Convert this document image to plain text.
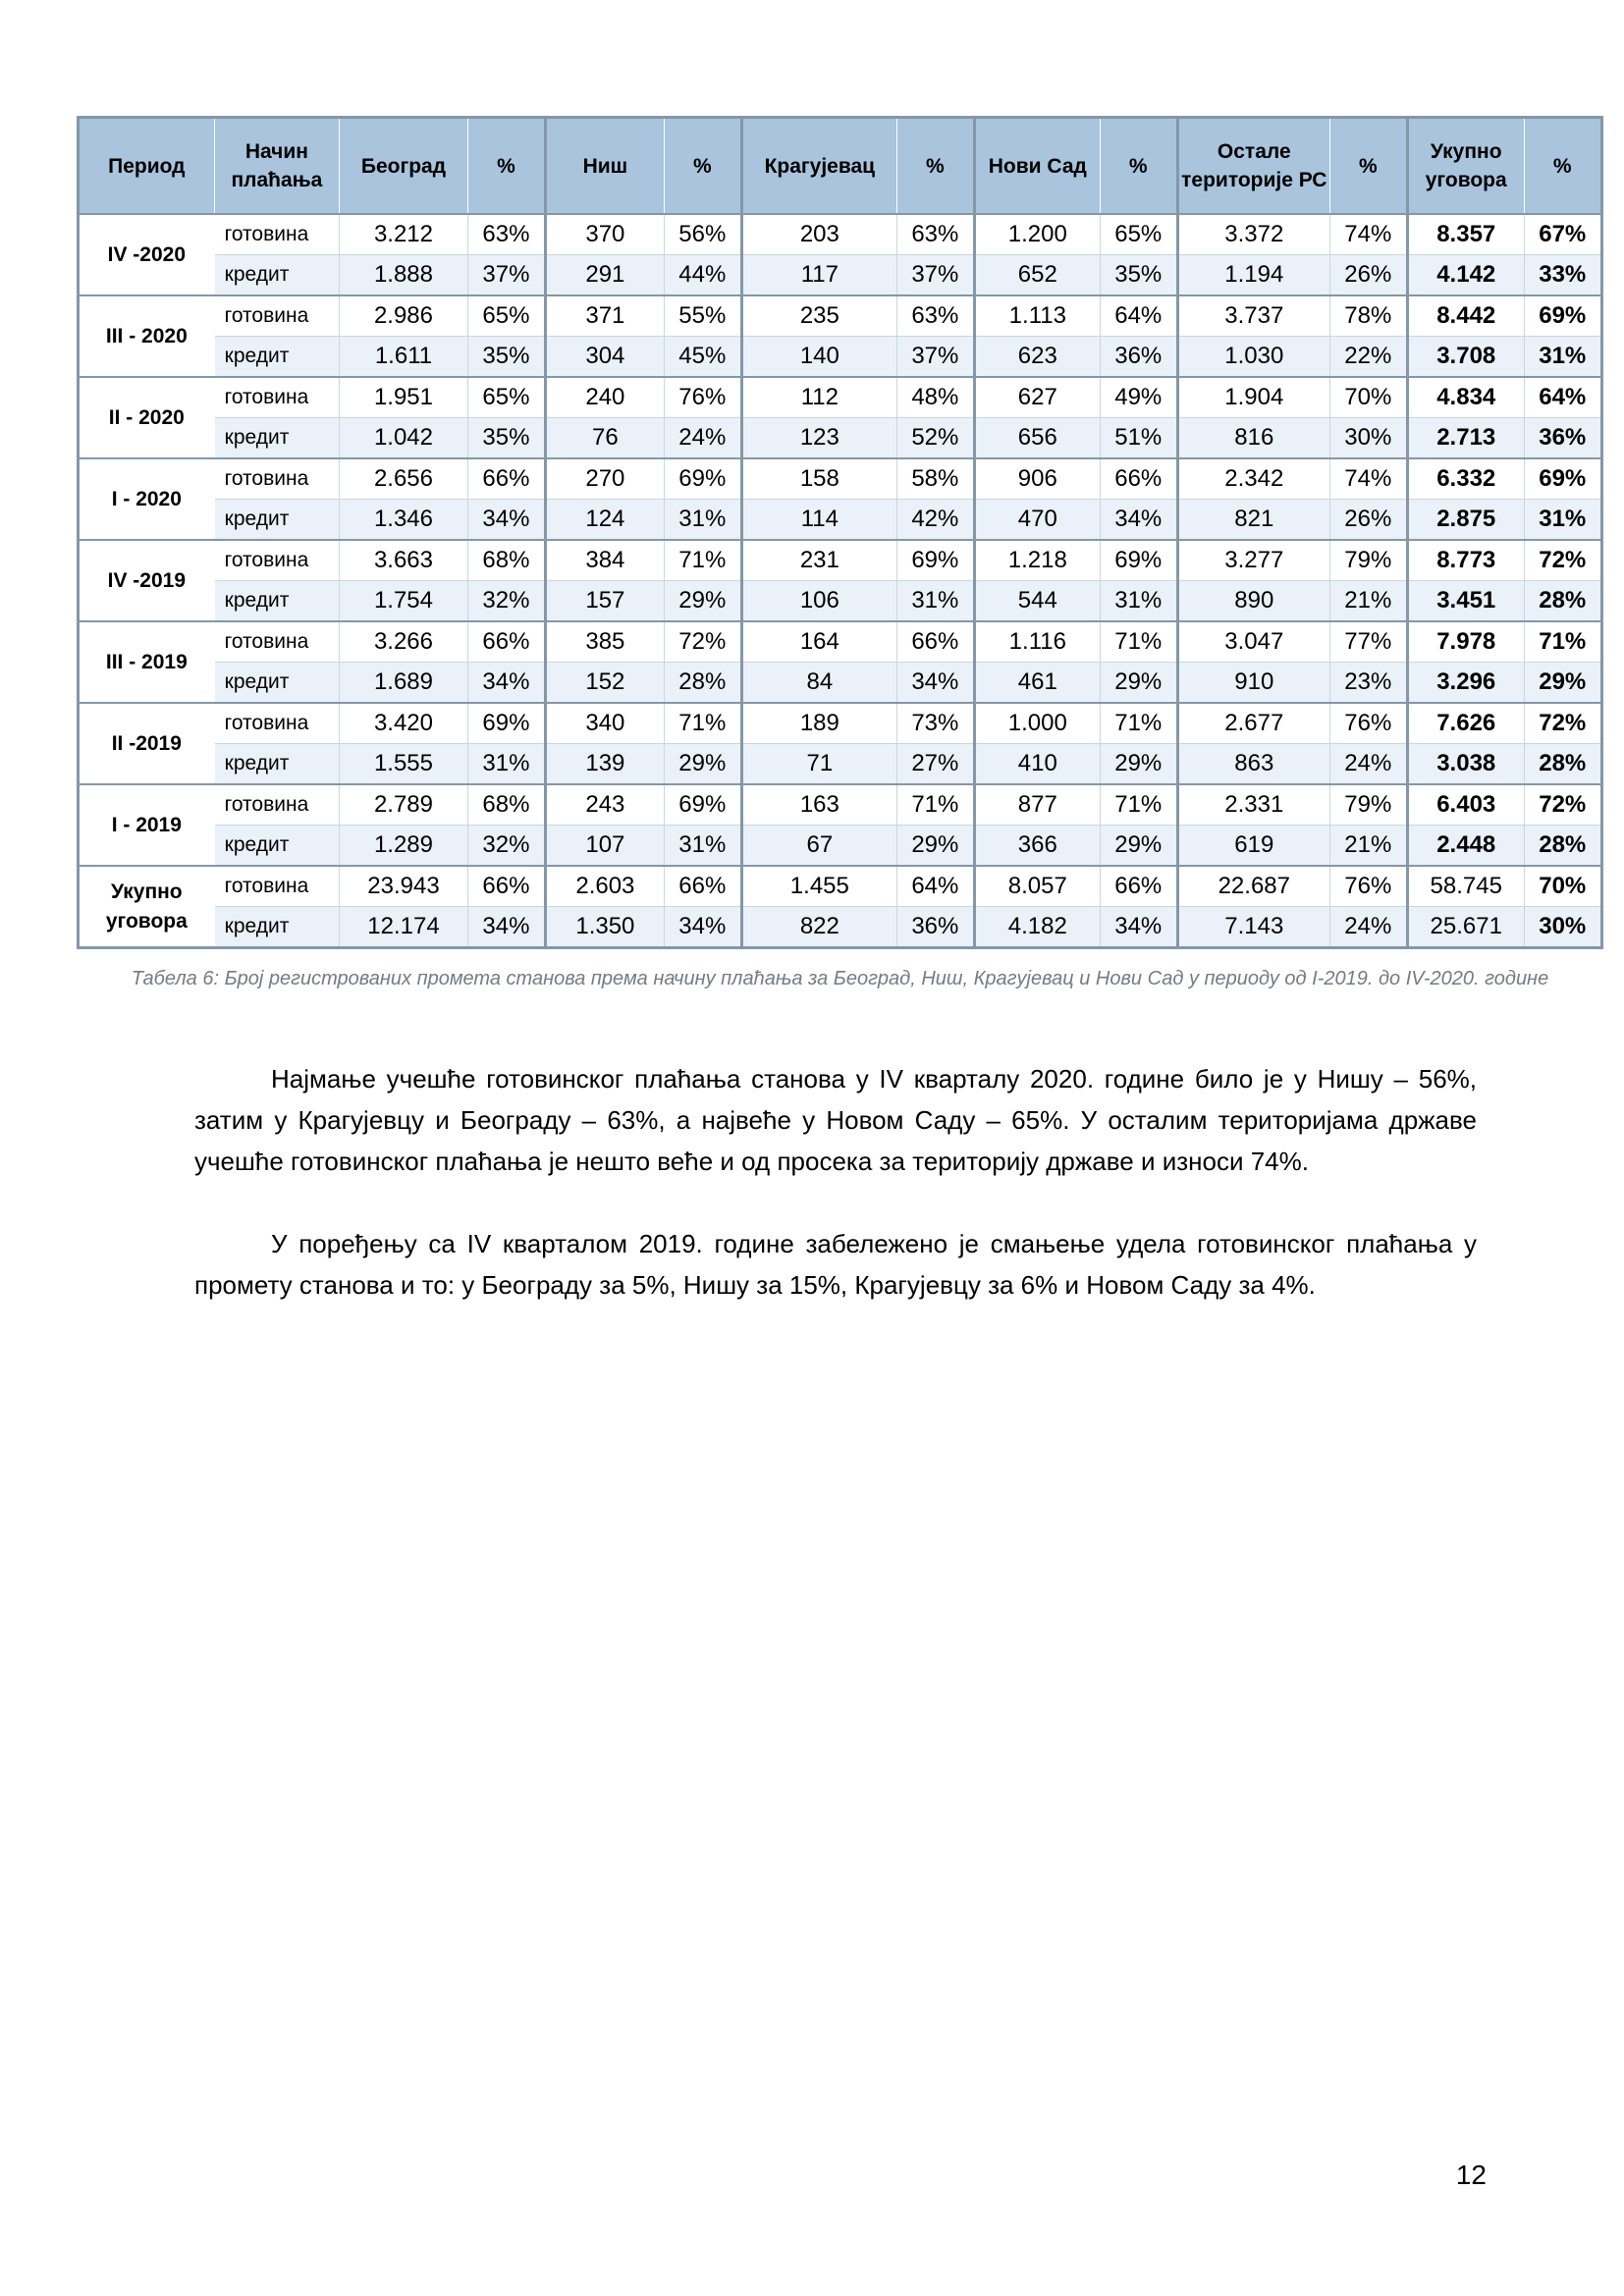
Период	Начин плаћања	Београд	%	Ниш	%	Крагујевац	%	Нови Сад	%	Остале територије РС	%	Укупно уговора	%
IV -2020	готовина	3.212	63%	370	56%	203	63%	1.200	65%	3.372	74%	8.357	67%
	кредит	1.888	37%	291	44%	117	37%	652	35%	1.194	26%	4.142	33%
III - 2020	готовина	2.986	65%	371	55%	235	63%	1.113	64%	3.737	78%	8.442	69%
	кредит	1.611	35%	304	45%	140	37%	623	36%	1.030	22%	3.708	31%
II - 2020	готовина	1.951	65%	240	76%	112	48%	627	49%	1.904	70%	4.834	64%
	кредит	1.042	35%	76	24%	123	52%	656	51%	816	30%	2.713	36%
I - 2020	готовина	2.656	66%	270	69%	158	58%	906	66%	2.342	74%	6.332	69%
	кредит	1.346	34%	124	31%	114	42%	470	34%	821	26%	2.875	31%
IV -2019	готовина	3.663	68%	384	71%	231	69%	1.218	69%	3.277	79%	8.773	72%
	кредит	1.754	32%	157	29%	106	31%	544	31%	890	21%	3.451	28%
III - 2019	готовина	3.266	66%	385	72%	164	66%	1.116	71%	3.047	77%	7.978	71%
	кредит	1.689	34%	152	28%	84	34%	461	29%	910	23%	3.296	29%
II -2019	готовина	3.420	69%	340	71%	189	73%	1.000	71%	2.677	76%	7.626	72%
	кредит	1.555	31%	139	29%	71	27%	410	29%	863	24%	3.038	28%
I - 2019	готовина	2.789	68%	243	69%	163	71%	877	71%	2.331	79%	6.403	72%
	кредит	1.289	32%	107	31%	67	29%	366	29%	619	21%	2.448	28%
Укупно уговора	готовина	23.943	66%	2.603	66%	1.455	64%	8.057	66%	22.687	76%	58.745	70%
	кредит	12.174	34%	1.350	34%	822	36%	4.182	34%	7.143	24%	25.671	30%
Табела 6: Број регистрованих промета станова према начину плаћања за Београд, Ниш, Крагујевац и Нови Сад у периоду од I-2019. до IV-2020. године

Најмање учешће готовинског плаћања станова у IV кварталу 2020. године било је у Нишу – 56%, затим у Крагујевцу и Београду – 63%, а највеће у Новом Саду – 65%. У осталим територијама државе учешће готовинског плаћања је нешто веће и од просека за територију државе и износи 74%.

У поређењу са IV кварталом 2019. године забележено је смањење удела готовинског плаћања у промету станова и то: у Београду за 5%, Нишу за 15%, Крагујевцу за 6% и Новом Саду за 4%.

12
